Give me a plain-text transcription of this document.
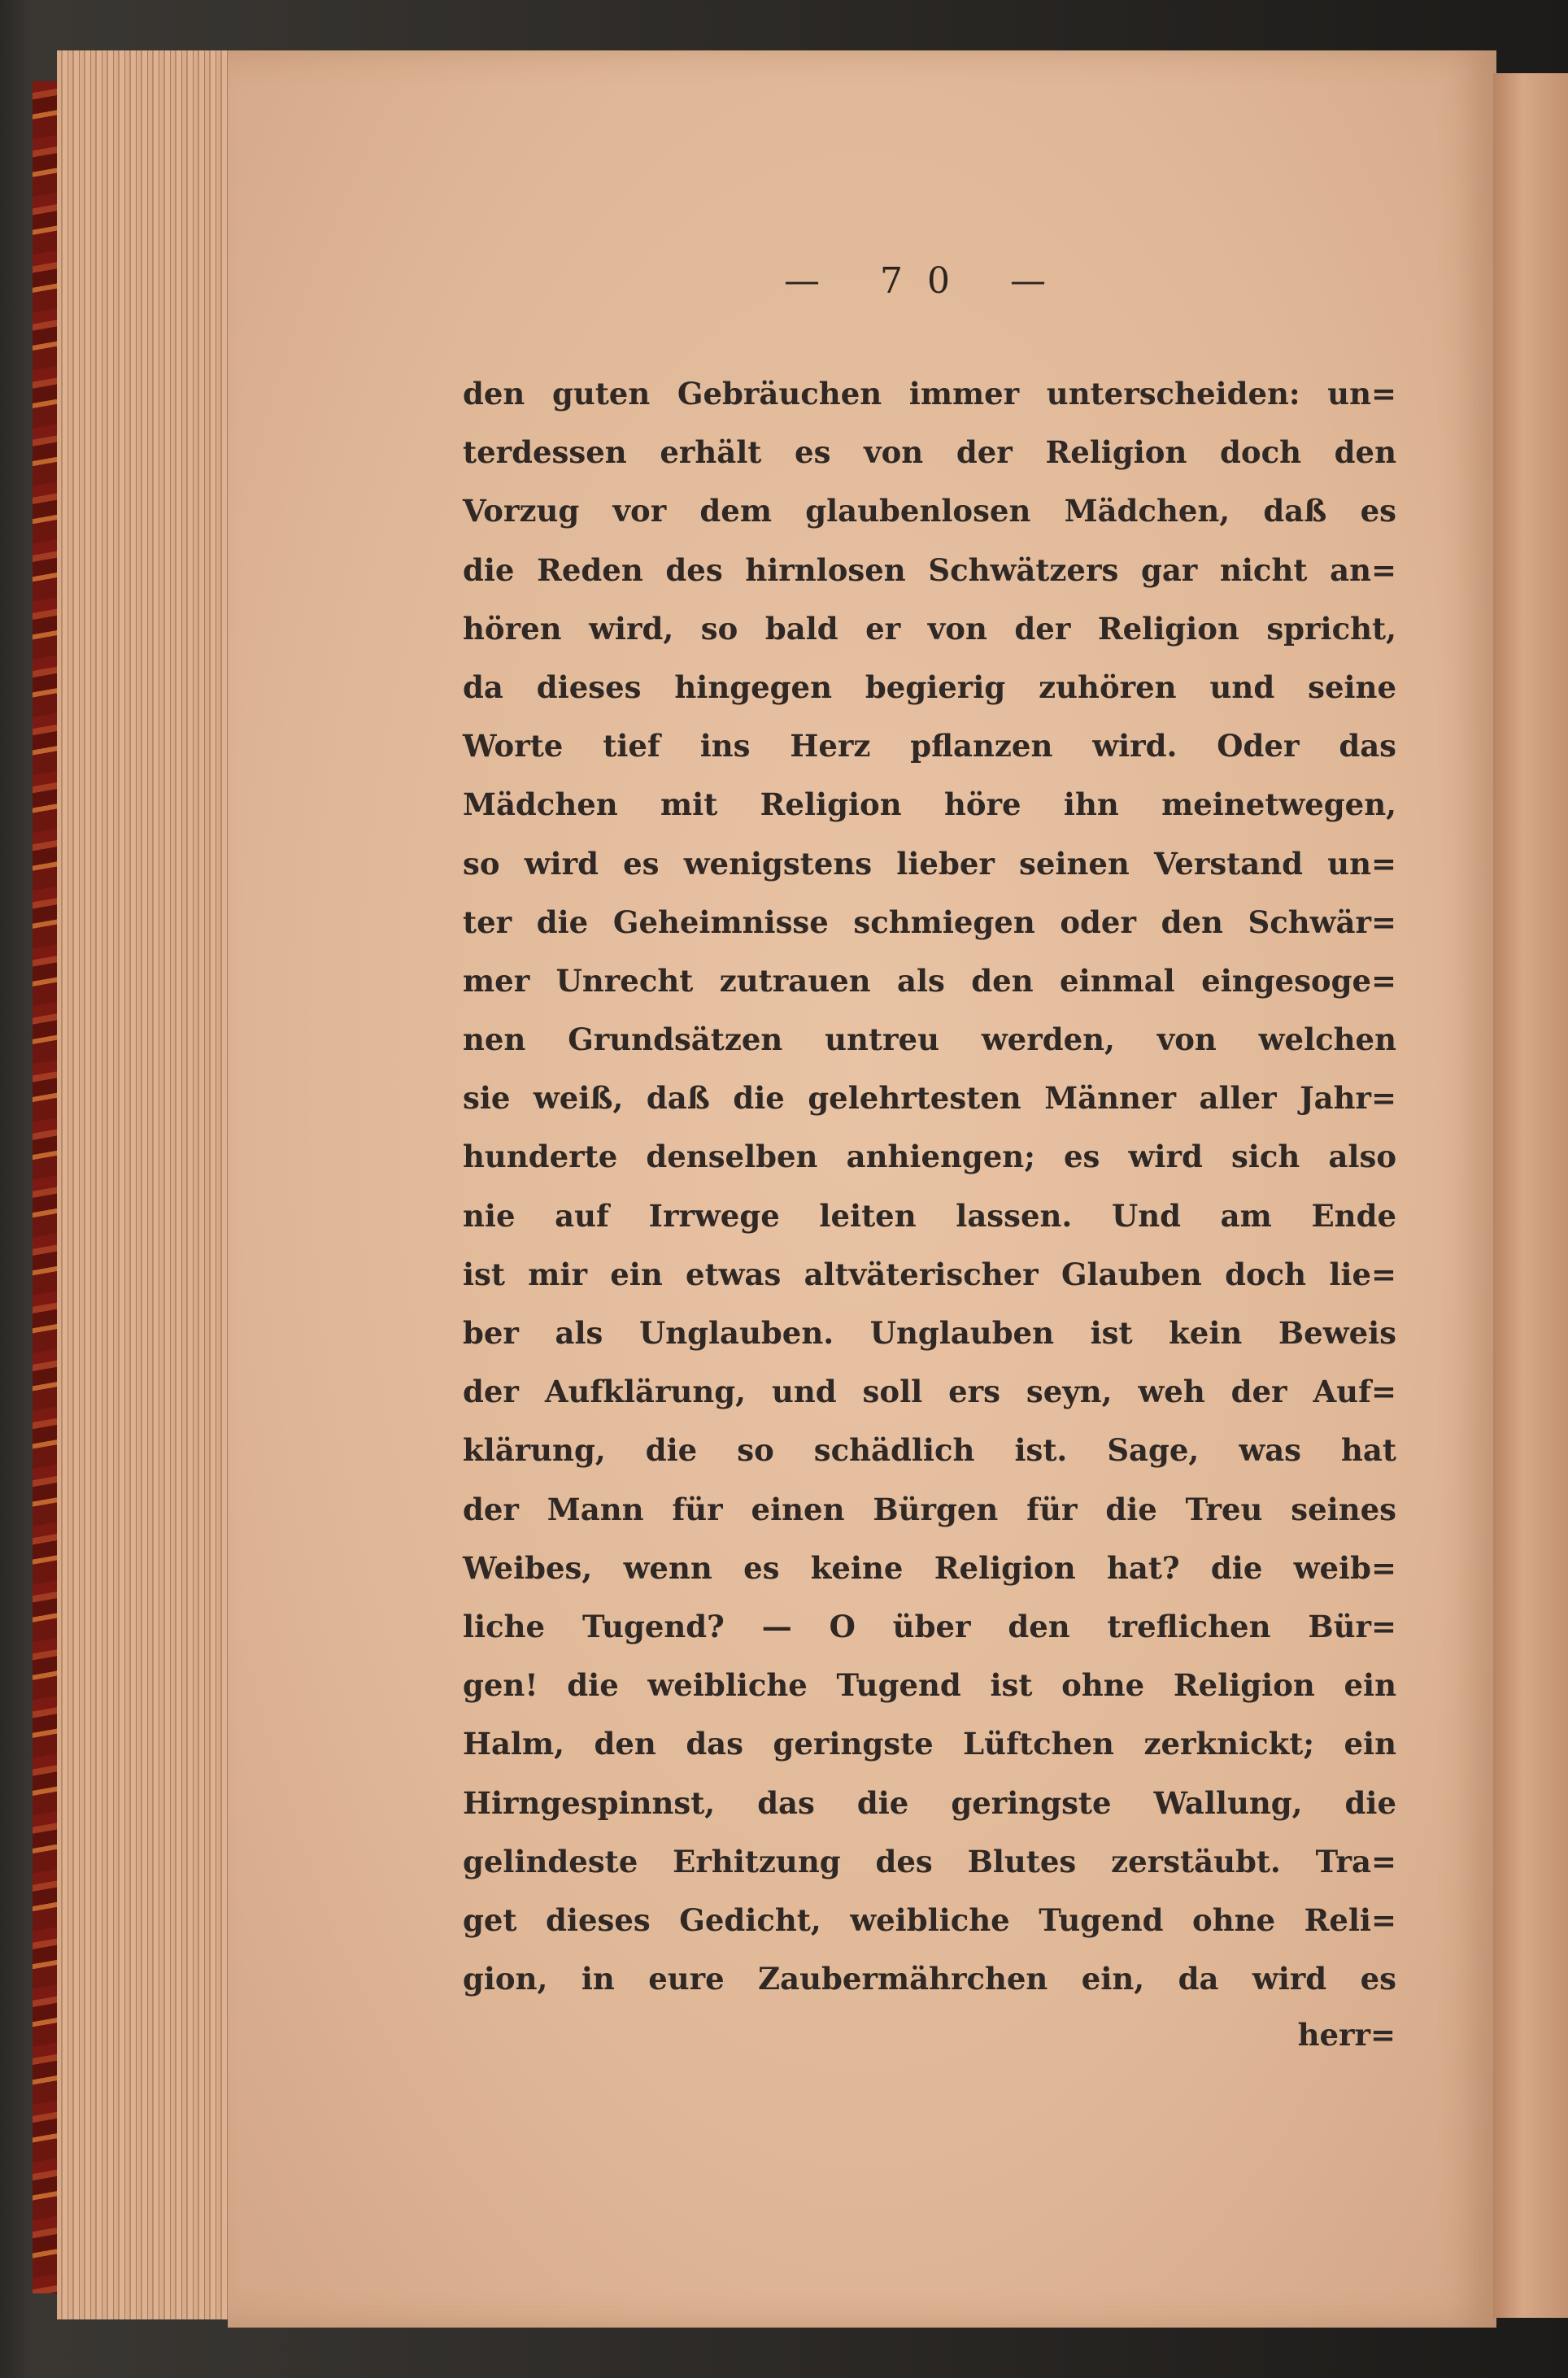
— 70 —
den guten Gebräuchen immer unterscheiden: un=
terdessen erhält es von der Religion doch den
Vorzug vor dem glaubenlosen Mädchen, daß es
die Reden des hirnlosen Schwätzers gar nicht an=
hören wird, so bald er von der Religion spricht,
da dieses hingegen begierig zuhören und seine
Worte tief ins Herz pflanzen wird. Oder das
Mädchen mit Religion höre ihn meinetwegen,
so wird es wenigstens lieber seinen Verstand un=
ter die Geheimnisse schmiegen oder den Schwär=
mer Unrecht zutrauen als den einmal eingesoge=
nen Grundsätzen untreu werden, von welchen
sie weiß, daß die gelehrtesten Männer aller Jahr=
hunderte denselben anhiengen; es wird sich also
nie auf Irrwege leiten lassen. Und am Ende
ist mir ein etwas altväterischer Glauben doch lie=
ber als Unglauben. Unglauben ist kein Beweis
der Aufklärung, und soll ers seyn, weh der Auf=
klärung, die so schädlich ist. Sage, was hat
der Mann für einen Bürgen für die Treu seines
Weibes, wenn es keine Religion hat? die weib=
liche Tugend? — O über den treflichen Bür=
gen! die weibliche Tugend ist ohne Religion ein
Halm, den das geringste Lüftchen zerknickt; ein
Hirngespinnst, das die geringste Wallung, die
gelindeste Erhitzung des Blutes zerstäubt. Tra=
get dieses Gedicht, weibliche Tugend ohne Reli=
gion, in eure Zaubermährchen ein, da wird es
herr=
